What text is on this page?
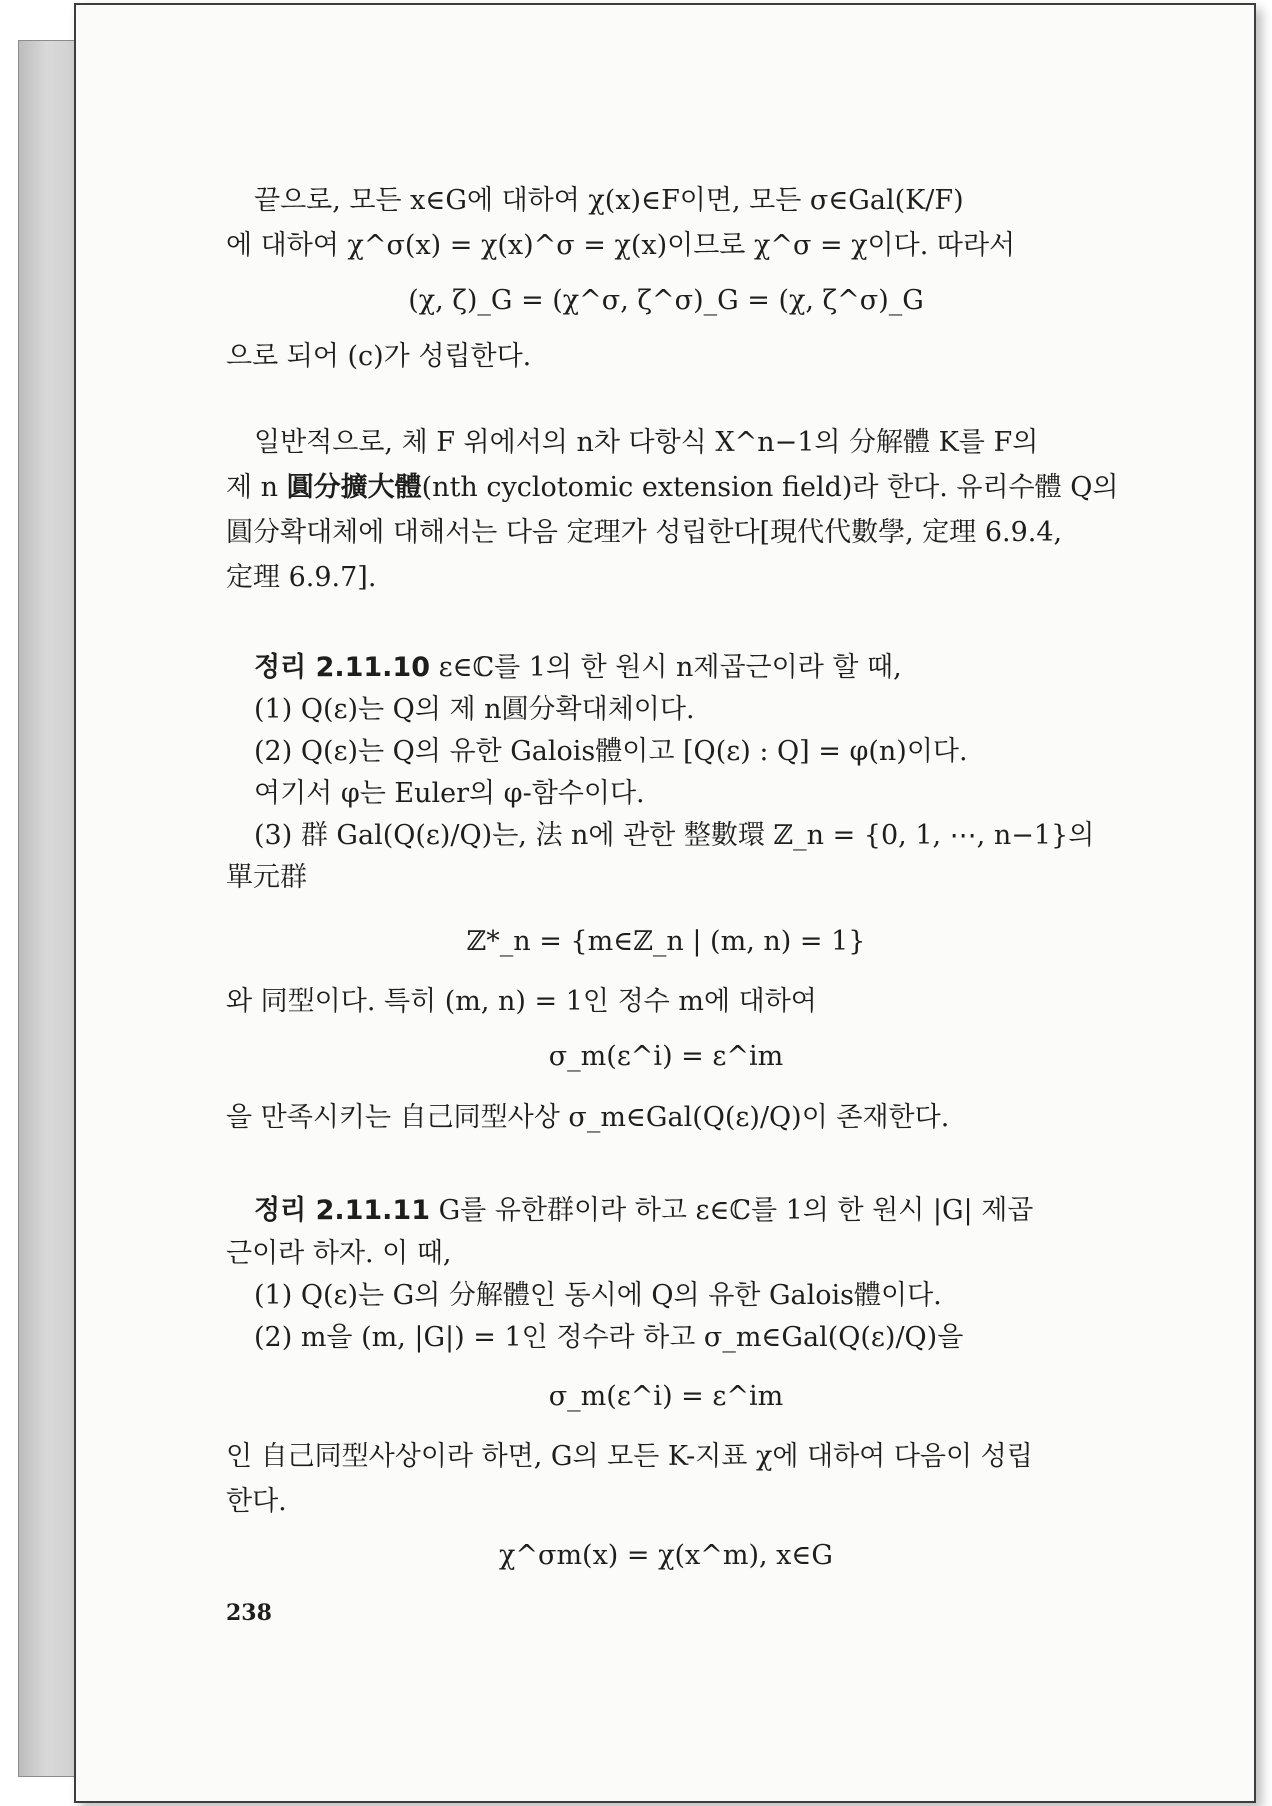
끝으로, 모든 x∈G에 대하여 χ(x)∈F이면, 모든 σ∈Gal(K/F)
에 대하여 χ^σ(x) = χ(x)^σ = χ(x)이므로 χ^σ = χ이다. 따라서
(χ, ζ)_G = (χ^σ, ζ^σ)_G = (χ, ζ^σ)_G
으로 되어 (c)가 성립한다.
일반적으로, 체 F 위에서의 n차 다항식 X^n−1의 分解體 K를 F의
제 n 圓分擴大體(nth cyclotomic extension field)라 한다. 유리수體 Q의
圓分확대체에 대해서는 다음 定理가 성립한다[現代代數學, 定理 6.9.4,
定理 6.9.7].
정리 2.11.10 ε∈ℂ를 1의 한 원시 n제곱근이라 할 때,
(1) Q(ε)는 Q의 제 n圓分확대체이다.
(2) Q(ε)는 Q의 유한 Galois體이고 [Q(ε) : Q] = φ(n)이다.
여기서 φ는 Euler의 φ-함수이다.
(3) 群 Gal(Q(ε)/Q)는, 法 n에 관한 整數環 ℤ_n = {0, 1, ⋯, n−1}의
單元群
ℤ*_n = {m∈ℤ_n | (m, n) = 1}
와 同型이다. 특히 (m, n) = 1인 정수 m에 대하여
σ_m(ε^i) = ε^im
을 만족시키는 自己同型사상 σ_m∈Gal(Q(ε)/Q)이 존재한다.
정리 2.11.11 G를 유한群이라 하고 ε∈ℂ를 1의 한 원시 |G| 제곱
근이라 하자. 이 때,
(1) Q(ε)는 G의 分解體인 동시에 Q의 유한 Galois體이다.
(2) m을 (m, |G|) = 1인 정수라 하고 σ_m∈Gal(Q(ε)/Q)을
σ_m(ε^i) = ε^im
인 自己同型사상이라 하면, G의 모든 K-지표 χ에 대하여 다음이 성립
한다.
χ^σm(x) = χ(x^m), x∈G
238
